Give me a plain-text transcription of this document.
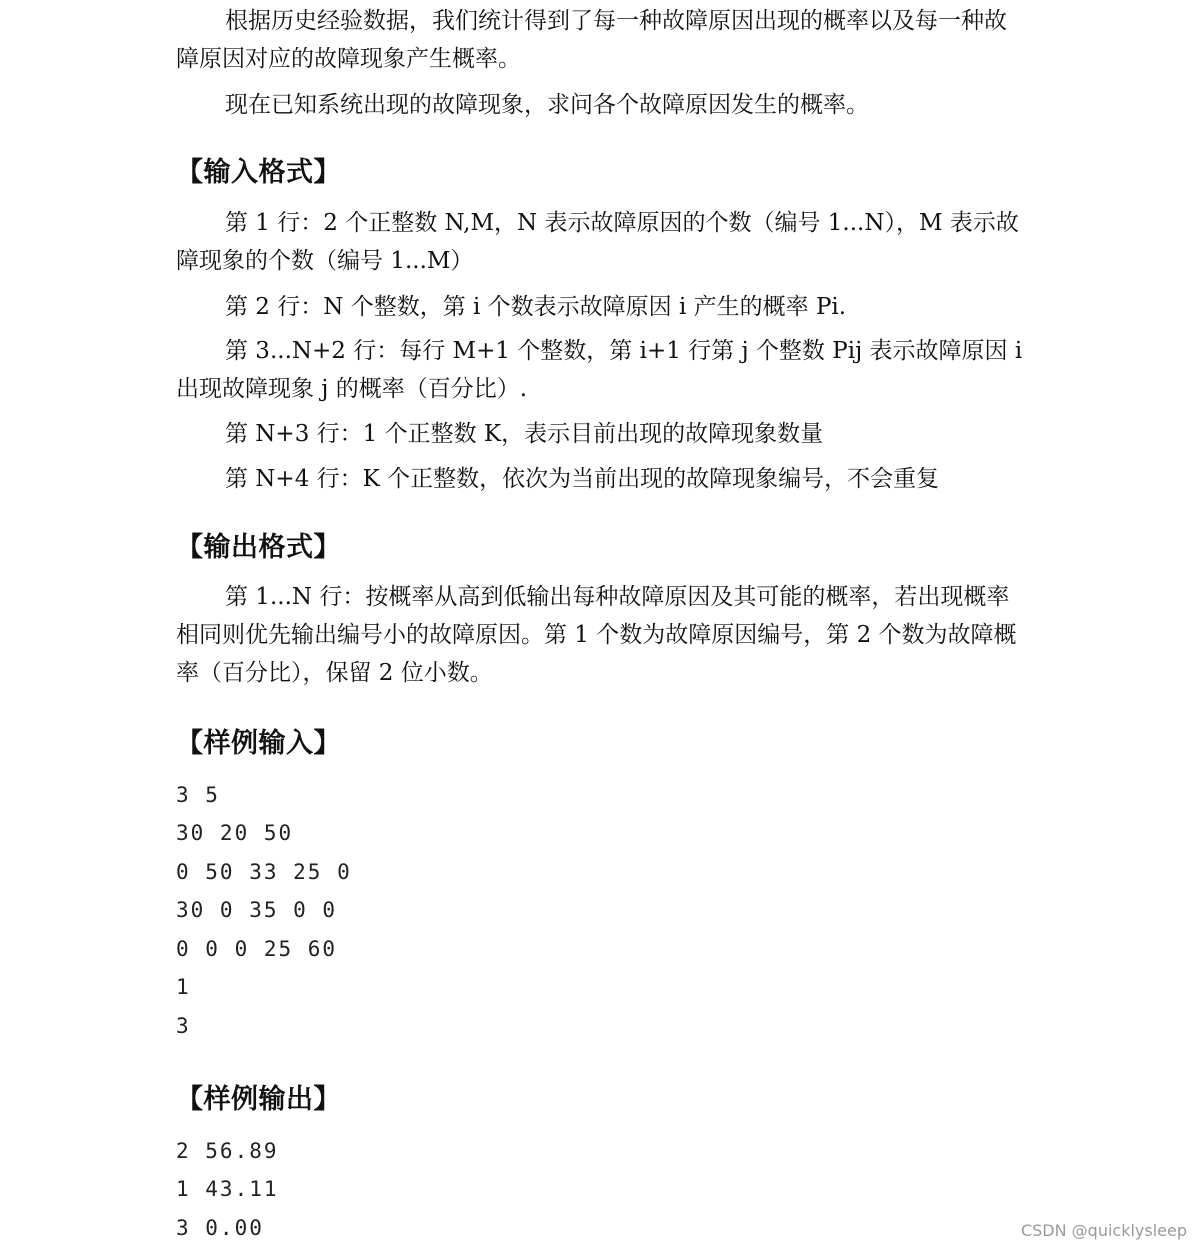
根据历史经验数据，我们统计得到了每一种故障原因出现的概率以及每一种故障原因对应的故障现象产生概率。
现在已知系统出现的故障现象，求问各个故障原因发生的概率。
【输入格式】
第 1 行：2 个正整数 N,M，N 表示故障原因的个数（编号 1...N），M 表示故障现象的个数（编号 1...M）
第 2 行：N 个整数，第 i 个数表示故障原因 i 产生的概率 Pi.
第 3...N+2 行：每行 M+1 个整数，第 i+1 行第 j 个整数 Pij 表示故障原因 i 出现故障现象 j 的概率（百分比）.
第 N+3 行：1 个正整数 K，表示目前出现的故障现象数量
第 N+4 行：K 个正整数，依次为当前出现的故障现象编号，不会重复
【输出格式】
第 1...N 行：按概率从高到低输出每种故障原因及其可能的概率，若出现概率相同则优先输出编号小的故障原因。第 1 个数为故障原因编号，第 2 个数为故障概率（百分比），保留 2 位小数。
【样例输入】
3 5
30 20 50
0 50 33 25 0
30 0 35 0 0
0 0 0 25 60
1
3
【样例输出】
2 56.89
1 43.11
3 0.00	CSDN @quicklysleep
